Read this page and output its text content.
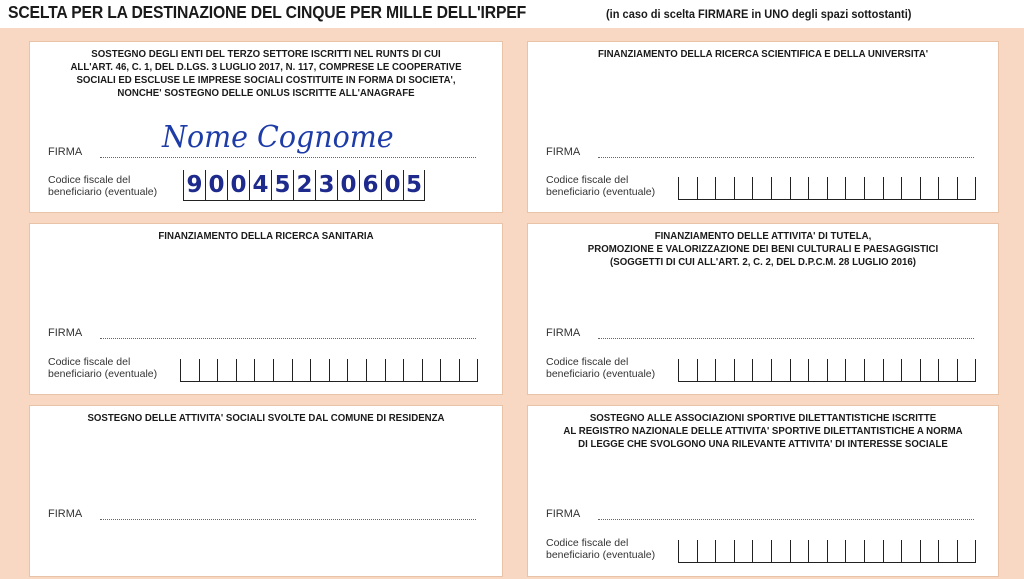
SCELTA PER LA DESTINAZIONE DEL CINQUE PER MILLE DELL'IRPEF	(in caso di scelta FIRMARE in UNO degli spazi sottostanti)
SOSTEGNO DEGLI ENTI DEL TERZO SETTORE ISCRITTI NEL RUNTS DI CUI
ALL'ART. 46, C. 1, DEL D.LGS. 3 LUGLIO 2017, N. 117, COMPRESE LE COOPERATIVE
SOCIALI ED ESCLUSE LE IMPRESE SOCIALI COSTITUITE IN FORMA DI SOCIETA',
NONCHE' SOSTEGNO DELLE ONLUS ISCRITTE ALL'ANAGRAFE
Nome Cognome
FIRMA
Codice fiscale del
beneficiario (eventuale) 9 0 0 4 5 2 3 0 6 0 5
FINANZIAMENTO DELLA RICERCA SCIENTIFICA E DELLA UNIVERSITA'
FIRMA
Codice fiscale del
beneficiario (eventuale)
FINANZIAMENTO DELLA RICERCA SANITARIA
FIRMA
Codice fiscale del
beneficiario (eventuale)
FINANZIAMENTO DELLE ATTIVITA' DI TUTELA,
PROMOZIONE E VALORIZZAZIONE DEI BENI CULTURALI E PAESAGGISTICI
(SOGGETTI DI CUI ALL'ART. 2, C. 2, DEL D.P.C.M. 28 LUGLIO 2016)
FIRMA
Codice fiscale del
beneficiario (eventuale)
SOSTEGNO DELLE ATTIVITA' SOCIALI SVOLTE DAL COMUNE DI RESIDENZA
FIRMA
SOSTEGNO ALLE ASSOCIAZIONI SPORTIVE DILETTANTISTICHE ISCRITTE
AL REGISTRO NAZIONALE DELLE ATTIVITA' SPORTIVE DILETTANTISTICHE A NORMA
DI LEGGE CHE SVOLGONO UNA RILEVANTE ATTIVITA' DI INTERESSE SOCIALE
FIRMA
Codice fiscale del
beneficiario (eventuale)
